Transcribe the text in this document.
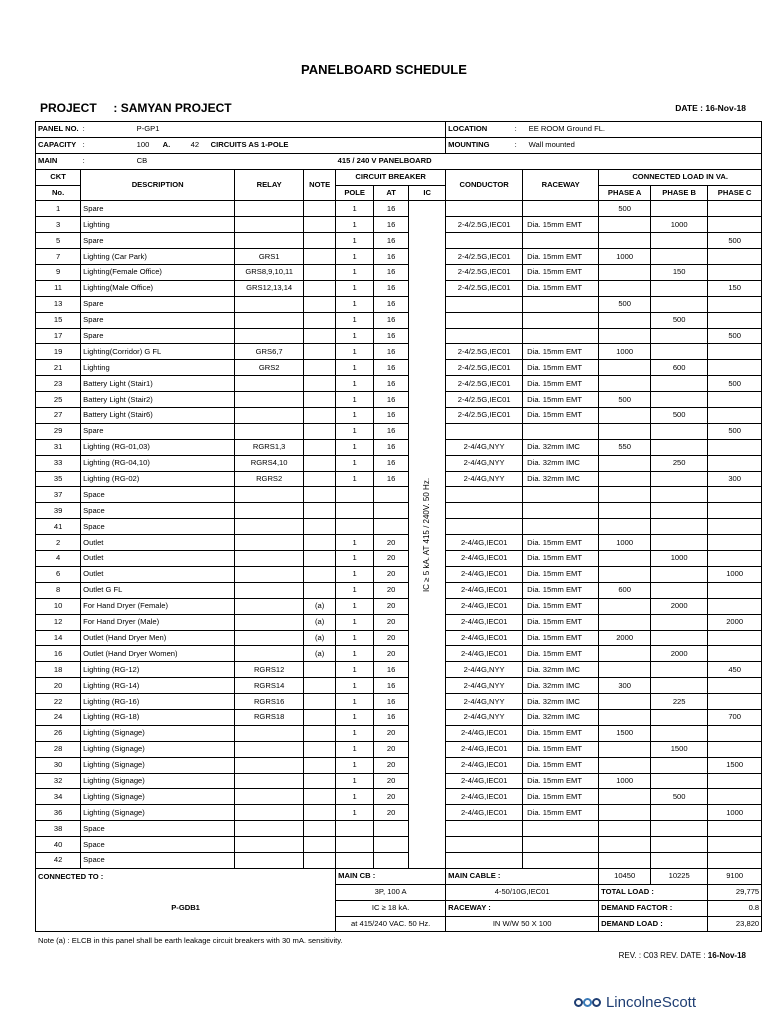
PANELBOARD SCHEDULE
PROJECT : SAMYAN PROJECT	DATE : 16-Nov-18
PANEL NO.	: P-GP1						LOCATION	: EE ROOM Ground FL.			
CAPACITY	: 100 A. 42 CIRCUITS AS 1-POLE						MOUNTING	: Wall mounted			
MAIN	: CB			415 / 240 V PANELBOARD							
CKT	DESCRIPTION	RELAY	NOTE	CIRCUIT BREAKER			CONDUCTOR	RACEWAY	CONNECTED LOAD IN VA.		
No.				POLE	AT	IC			PHASE A	PHASE B	PHASE C
1	Spare			1	16	IC ≥ 5 kA. AT 415 / 240V. 50 Hz.			500		
3	Lighting			1	16		2-4/2.5G,IEC01	Dia. 15mm EMT		1000	
5	Spare			1	16						500
7	Lighting (Car Park)	GRS1		1	16		2-4/2.5G,IEC01	Dia. 15mm EMT	1000		
9	Lighting(Female Office)	GRS8,9,10,11		1	16		2-4/2.5G,IEC01	Dia. 15mm EMT		150	
11	Lighting(Male Office)	GRS12,13,14		1	16		2-4/2.5G,IEC01	Dia. 15mm EMT			150
13	Spare			1	16				500		
15	Spare			1	16					500	
17	Spare			1	16						500
19	Lighting(Corridor) G FL	GRS6,7		1	16		2-4/2.5G,IEC01	Dia. 15mm EMT	1000		
21	Lighting	GRS2		1	16		2-4/2.5G,IEC01	Dia. 15mm EMT		600	
23	Battery Light (Stair1)			1	16		2-4/2.5G,IEC01	Dia. 15mm EMT			500
25	Battery Light (Stair2)			1	16		2-4/2.5G,IEC01	Dia. 15mm EMT	500		
27	Battery Light (Stair6)			1	16		2-4/2.5G,IEC01	Dia. 15mm EMT		500	
29	Spare			1	16						500
31	Lighting (RG-01,03)	RGRS1,3		1	16		2-4/4G,NYY	Dia. 32mm IMC	550		
33	Lighting (RG-04,10)	RGRS4,10		1	16		2-4/4G,NYY	Dia. 32mm IMC		250	
35	Lighting (RG-02)	RGRS2		1	16		2-4/4G,NYY	Dia. 32mm IMC			300
37	Space										
39	Space										
41	Space										
2	Outlet			1	20		2-4/4G,IEC01	Dia. 15mm EMT	1000		
4	Outlet			1	20		2-4/4G,IEC01	Dia. 15mm EMT		1000	
6	Outlet			1	20		2-4/4G,IEC01	Dia. 15mm EMT			1000
8	Outlet G FL			1	20		2-4/4G,IEC01	Dia. 15mm EMT	600		
10	For Hand Dryer (Female)		(a)	1	20		2-4/4G,IEC01	Dia. 15mm EMT		2000	
12	For Hand Dryer (Male)		(a)	1	20		2-4/4G,IEC01	Dia. 15mm EMT			2000
14	Outlet (Hand Dryer Men)		(a)	1	20		2-4/4G,IEC01	Dia. 15mm EMT	2000		
16	Outlet (Hand Dryer Women)		(a)	1	20		2-4/4G,IEC01	Dia. 15mm EMT		2000	
18	Lighting (RG-12)	RGRS12		1	16		2-4/4G,NYY	Dia. 32mm IMC			450
20	Lighting (RG-14)	RGRS14		1	16		2-4/4G,NYY	Dia. 32mm IMC	300		
22	Lighting (RG-16)	RGRS16		1	16		2-4/4G,NYY	Dia. 32mm IMC		225	
24	Lighting (RG-18)	RGRS18		1	16		2-4/4G,NYY	Dia. 32mm IMC			700
26	Lighting (Signage)			1	20		2-4/4G,IEC01	Dia. 15mm EMT	1500		
28	Lighting (Signage)			1	20		2-4/4G,IEC01	Dia. 15mm EMT		1500	
30	Lighting (Signage)			1	20		2-4/4G,IEC01	Dia. 15mm EMT			1500
32	Lighting (Signage)			1	20		2-4/4G,IEC01	Dia. 15mm EMT	1000		
34	Lighting (Signage)			1	20		2-4/4G,IEC01	Dia. 15mm EMT		500	
36	Lighting (Signage)			1	20		2-4/4G,IEC01	Dia. 15mm EMT			1000
38	Space										
40	Space										
42	Space										

CONNECTED TO :
P-GDB1				MAIN CB :			MAIN CABLE :		10450	10225	9100
				3P, 100 A			4-50/10G,IEC01		TOTAL LOAD :		29,775
				IC ≥ 18 kA.			RACEWAY :		DEMAND FACTOR :		0.8
				at 415/240 VAC. 50 Hz.			IN W/W 50 X 100		DEMAND LOAD :		23,820
Note (a) : ELCB in this panel shall be earth leakage circuit breakers with 30 mA. sensitivity.
REV. : C03 REV. DATE : 16-Nov-18
LincolneScott
